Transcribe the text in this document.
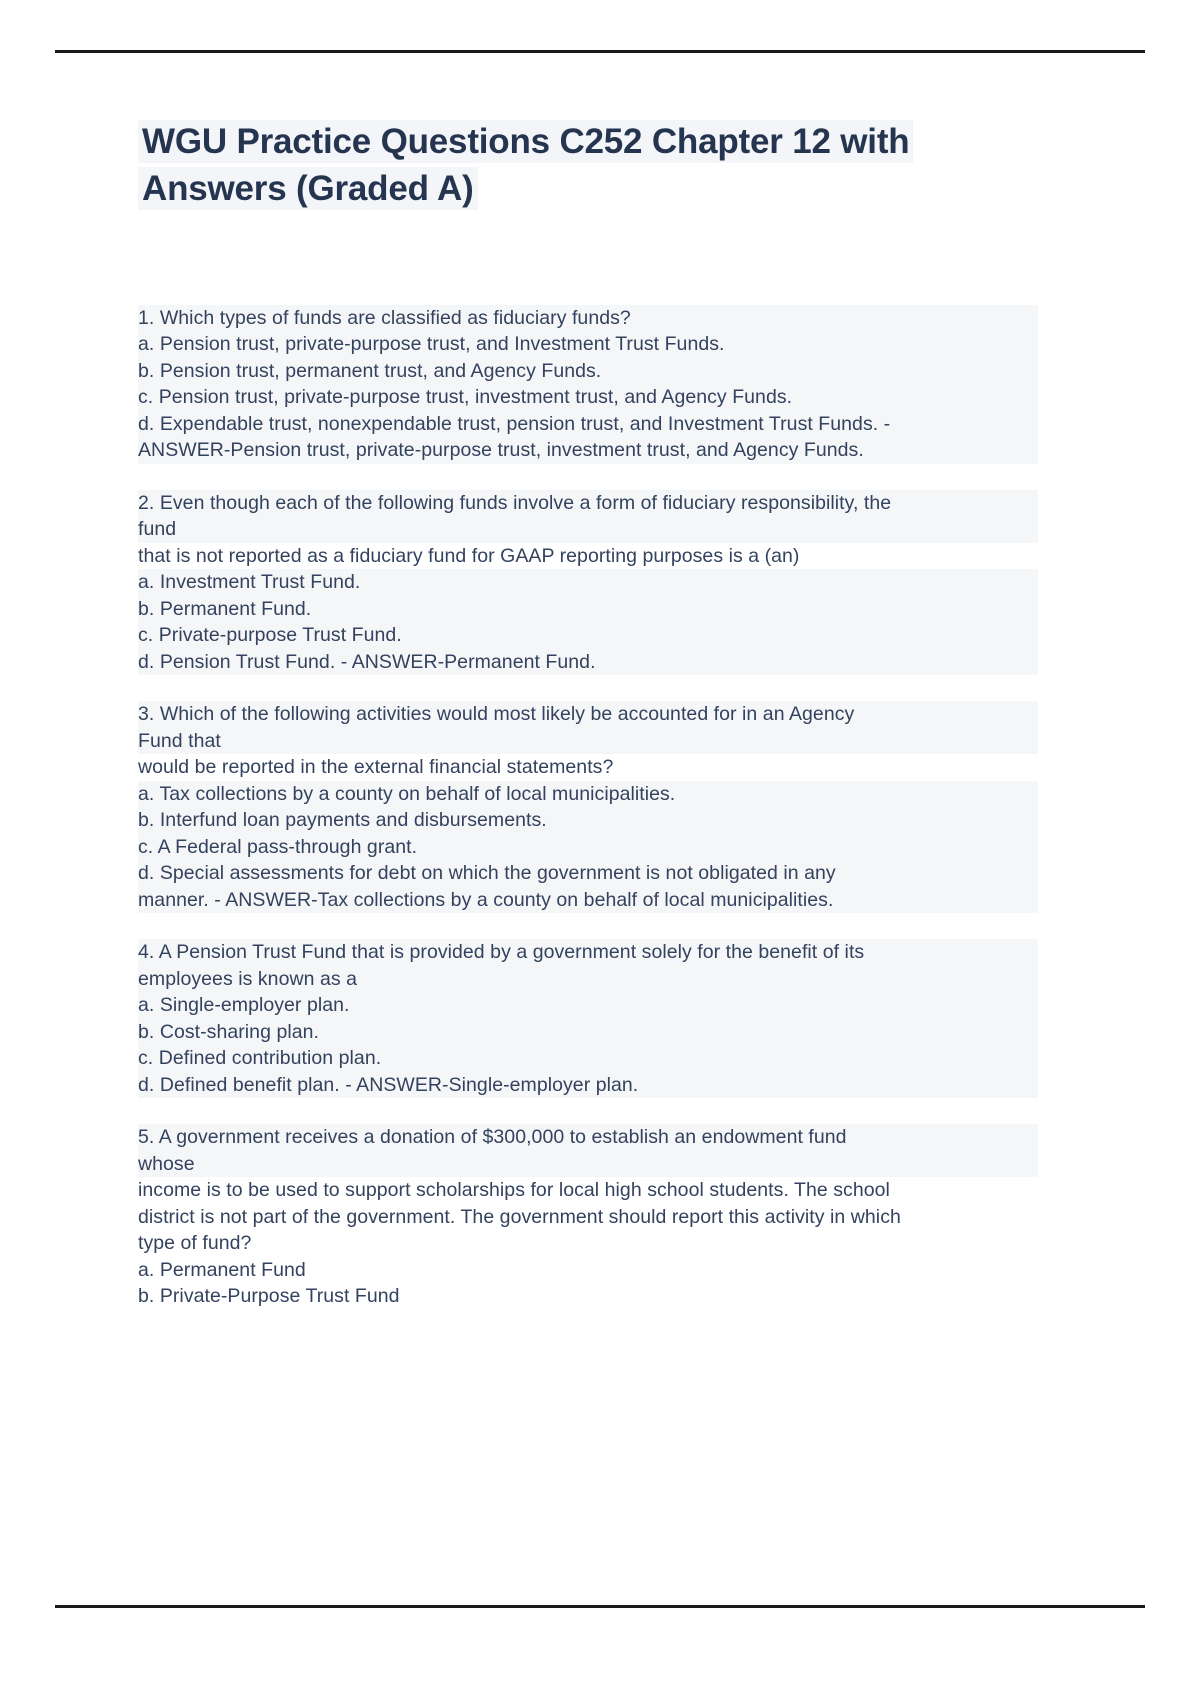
WGU Practice Questions C252 Chapter 12 with Answers (Graded A)
1. Which types of funds are classified as fiduciary funds?
a. Pension trust, private-purpose trust, and Investment Trust Funds.
b. Pension trust, permanent trust, and Agency Funds.
c. Pension trust, private-purpose trust, investment trust, and Agency Funds.
d. Expendable trust, nonexpendable trust, pension trust, and Investment Trust Funds. -
ANSWER-Pension trust, private-purpose trust, investment trust, and Agency Funds.
2. Even though each of the following funds involve a form of fiduciary responsibility, the
fund
that is not reported as a fiduciary fund for GAAP reporting purposes is a (an)
a. Investment Trust Fund.
b. Permanent Fund.
c. Private-purpose Trust Fund.
d. Pension Trust Fund. - ANSWER-Permanent Fund.
3. Which of the following activities would most likely be accounted for in an Agency
Fund that
would be reported in the external financial statements?
a. Tax collections by a county on behalf of local municipalities.
b. Interfund loan payments and disbursements.
c. A Federal pass-through grant.
d. Special assessments for debt on which the government is not obligated in any
manner. - ANSWER-Tax collections by a county on behalf of local municipalities.
4. A Pension Trust Fund that is provided by a government solely for the benefit of its
employees is known as a
a. Single-employer plan.
b. Cost-sharing plan.
c. Defined contribution plan.
d. Defined benefit plan. - ANSWER-Single-employer plan.
5. A government receives a donation of $300,000 to establish an endowment fund
whose
income is to be used to support scholarships for local high school students. The school
district is not part of the government. The government should report this activity in which
type of fund?
a. Permanent Fund
b. Private-Purpose Trust Fund
